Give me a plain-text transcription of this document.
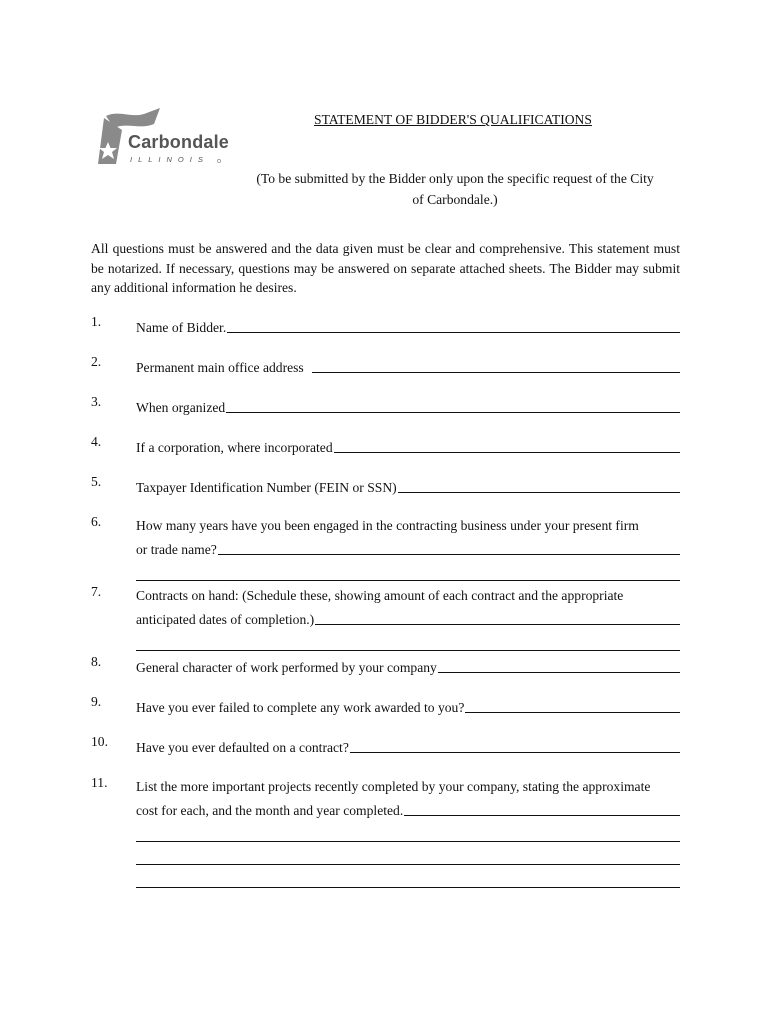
Carbondale
ILLINOIS
STATEMENT OF BIDDER'S QUALIFICATIONS
(To be submitted by the Bidder only upon the specific request of the City of Carbondale.)
All questions must be answered and the data given must be clear and comprehensive. This statement must be notarized. If necessary, questions may be answered on separate attached sheets. The Bidder may submit any additional information he desires.
1.	Name of Bidder.
2.	Permanent main office address
3.	When organized
4.	If a corporation, where incorporated
5.	Taxpayer Identification Number (FEIN or SSN)
6.	How many years have you been engaged in the contracting business under your present firm
or trade name?
7.	Contracts on hand: (Schedule these, showing amount of each contract and the appropriate
anticipated dates of completion.)
8.	General character of work performed by your company
9.	Have you ever failed to complete any work awarded to you?
10. Have you ever defaulted on a contract?
11. List the more important projects recently completed by your company, stating the approximate
cost for each, and the month and year completed.
